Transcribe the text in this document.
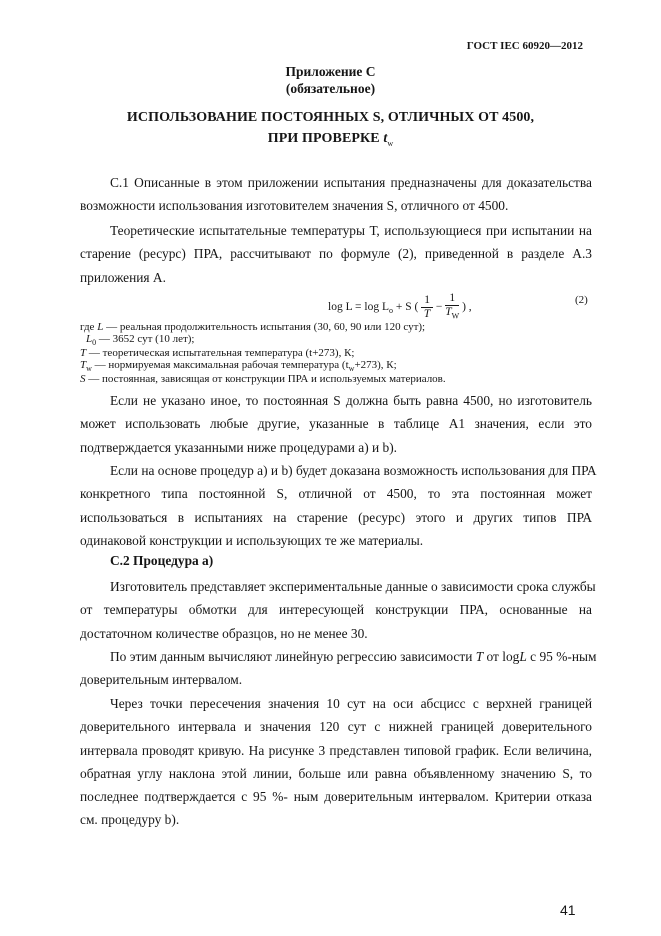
ГОСТ IEC 60920—2012
Приложение С
(обязательное)
ИСПОЛЬЗОВАНИЕ ПОСТОЯННЫХ S, ОТЛИЧНЫХ ОТ 4500,
ПРИ ПРОВЕРКЕ $t_w$
С.1 Описанные в этом приложении испытания предназначены для доказательства
возможности использования изготовителем значения S, отличного от 4500.
Теоретические испытательные температуры Т, использующиеся при испытании на
старение (ресурс) ПРА, рассчитывают по формуле (2), приведенной в разделе А.3
приложения А.
$\log L = \log L_o + S$ ( $\frac{1}{T} - \frac{1}{T_W}$ ) ,
(2)
где L — реальная продолжительность испытания (30, 60, 90 или 120 сут);
$L_0$ — 3652 сут (10 лет);
T — теоретическая испытательная температура (t+273), К;
$T_w$ — нормируемая максимальная рабочая температура $(t_w+273)$, К;
S — постоянная, зависящая от конструкции ПРА и используемых материалов.
Если не указано иное, то постоянная S должна быть равна 4500, но изготовитель
может использовать любые другие, указанные в таблице А1 значения, если это
подтверждается указанными ниже процедурами а) и b).
Если на основе процедур а) и b) будет доказана возможность использования для ПРА
конкретного типа постоянной S, отличной от 4500, то эта постоянная может
использоваться в испытаниях на старение (ресурс) этого и других типов ПРА
одинаковой конструкции и использующих те же материалы.
С.2 Процедура а)
Изготовитель представляет экспериментальные данные о зависимости срока службы
от температуры обмотки для интересующей конструкции ПРА, основанные на
достаточном количестве образцов, но не менее 30.
По этим данным вычисляют линейную регрессию зависимости T от logL с 95 %-ным
доверительным интервалом.
Через точки пересечения значения 10 сут на оси абсцисс с верхней границей
доверительного интервала и значения 120 сут с нижней границей доверительного
интервала проводят кривую. На рисунке 3 представлен типовой график. Если величина,
обратная углу наклона этой линии, больше или равна объявленному значению S, то
последнее подтверждается с 95 %- ным доверительным интервалом. Критерии отказа
см. процедуру b).
41
